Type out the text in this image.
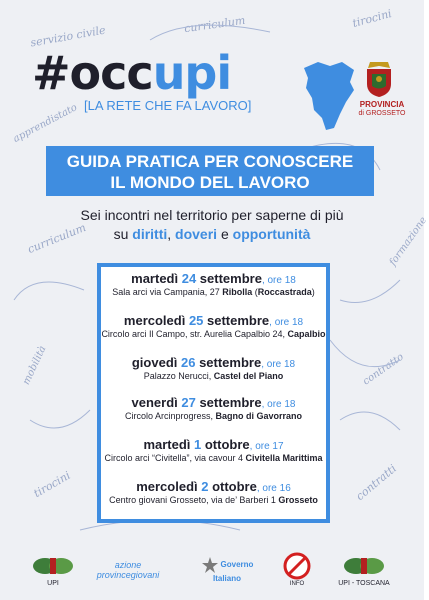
servizio civile	curriculum	tirocini
apprendistato
curriculum	formazione
mobilità	contratto
tirocini	contratti
#occupi
[LA RETE CHE FA LAVORO]	PROVINCIA
di GROSSETO
GUIDA PRATICA PER CONOSCERE
IL MONDO DEL LAVORO
Sei incontri nel territorio per saperne di più
su diritti, doveri e opportunità
martedì 24 settembre, ore 18
Sala arci via Campania, 27 Ribolla (Roccastrada)
mercoledì 25 settembre, ore 18
Circolo arci Il Campo, str. Aurelia Capalbio 24, Capalbio
giovedì 26 settembre, ore 18
Palazzo Nerucci, Castel del Piano
venerdì 27 settembre, ore 18
Circolo Arcinprogress, Bagno di Gavorrano
martedì 1 ottobre, ore 17
Circolo arci “Civitella”, via cavour 4 Civitella Marittima
mercoledì 2 ottobre, ore 16
Centro giovani Grosseto, via de’ Barberi 1 Grosseto
UPI
azione provincegiovani
Governo Italiano
INFO	UPI - TOSCANA
